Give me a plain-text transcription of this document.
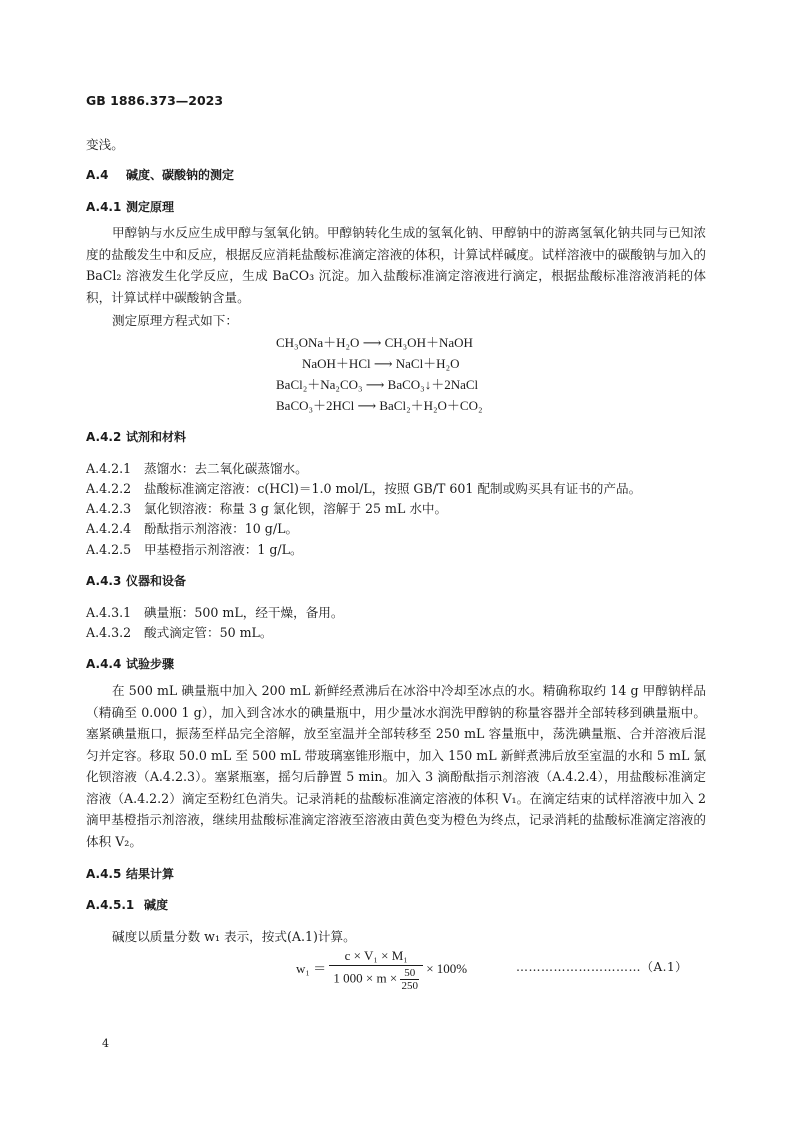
GB 1886.373—2023
变浅。
A.4 碱度、碳酸钠的测定
A.4.1 测定原理
甲醇钠与水反应生成甲醇与氢氧化钠。甲醇钠转化生成的氢氧化钠、甲醇钠中的游离氢氧化钠共同与已知浓度的盐酸发生中和反应，根据反应消耗盐酸标准滴定溶液的体积，计算试样碱度。试样溶液中的碳酸钠与加入的BaCl₂ 溶液发生化学反应，生成 BaCO₃ 沉淀。加入盐酸标准滴定溶液进行滴定，根据盐酸标准溶液消耗的体积，计算试样中碳酸钠含量。
测定原理方程式如下：
CH₃ONa＋H₂O ⟶ CH₃OH＋NaOH
NaOH＋HCl ⟶ NaCl＋H₂O
BaCl₂＋Na₂CO₃ ⟶ BaCO₃↓＋2NaCl
BaCO₃＋2HCl ⟶ BaCl₂＋H₂O＋CO₂
A.4.2 试剂和材料
A.4.2.1 蒸馏水：去二氧化碳蒸馏水。
A.4.2.2 盐酸标准滴定溶液：c(HCl)＝1.0 mol/L，按照 GB/T 601 配制或购买具有证书的产品。
A.4.2.3 氯化钡溶液：称量 3 g 氯化钡，溶解于 25 mL 水中。
A.4.2.4 酚酞指示剂溶液：10 g/L。
A.4.2.5 甲基橙指示剂溶液：1 g/L。
A.4.3 仪器和设备
A.4.3.1 碘量瓶：500 mL，经干燥，备用。
A.4.3.2 酸式滴定管：50 mL。
A.4.4 试验步骤
在 500 mL 碘量瓶中加入 200 mL 新鲜经煮沸后在冰浴中冷却至冰点的水。精确称取约 14 g 甲醇钠样品（精确至 0.000 1 g），加入到含冰水的碘量瓶中，用少量冰水润洗甲醇钠的称量容器并全部转移到碘量瓶中。塞紧碘量瓶口，振荡至样品完全溶解，放至室温并全部转移至 250 mL 容量瓶中，荡洗碘量瓶、合并溶液后混匀并定容。移取 50.0 mL 至 500 mL 带玻璃塞锥形瓶中，加入 150 mL 新鲜煮沸后放至室温的水和 5 mL 氯化钡溶液（A.4.2.3）。塞紧瓶塞，摇匀后静置 5 min。加入 3 滴酚酞指示剂溶液（A.4.2.4），用盐酸标准滴定溶液（A.4.2.2）滴定至粉红色消失。记录消耗的盐酸标准滴定溶液的体积 V₁。在滴定结束的试样溶液中加入 2 滴甲基橙指示剂溶液，继续用盐酸标准滴定溶液至溶液由黄色变为橙色为终点，记录消耗的盐酸标准滴定溶液的体积 V₂。
A.4.5 结果计算
A.4.5.1 碱度
碱度以质量分数 w₁ 表示，按式(A.1)计算。
$w_1 = \frac{\text{c × V₁ × M₁}}{1 000 \times m \times \frac{50}{250}} \times 100\%$	…………………………（A.1）
4
